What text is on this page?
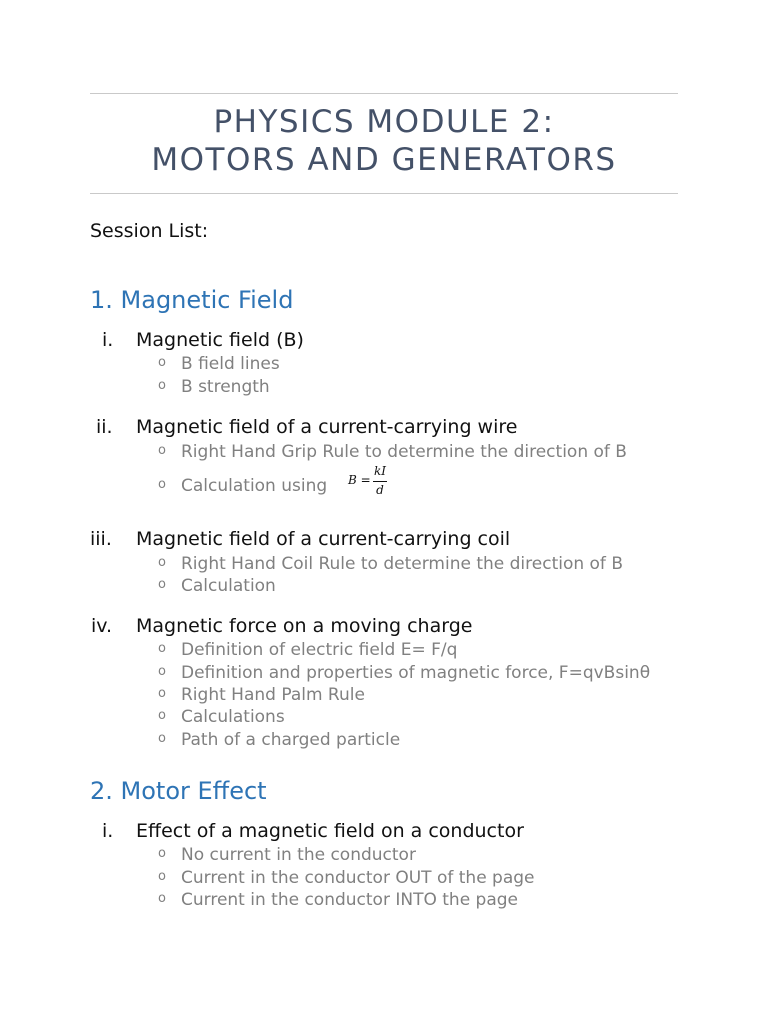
PHYSICS MODULE 2:
MOTORS AND GENERATORS

Session List:

1. Magnetic Field
i. Magnetic field (B)
o B field lines
o B strength
ii. Magnetic field of a current-carrying wire
o Right Hand Grip Rule to determine the direction of B
o Calculation using B =
kI
d
iii. Magnetic field of a current-carrying coil
o Right Hand Coil Rule to determine the direction of B
o Calculation
iv. Magnetic force on a moving charge
o Definition of electric field E= F/q
o Definition and properties of magnetic force, F=qvBsinθ
o Right Hand Palm Rule
o Calculations
o Path of a charged particle
2. Motor Effect
i. Effect of a magnetic field on a conductor
o No current in the conductor
o Current in the conductor OUT of the page
o Current in the conductor INTO the page
